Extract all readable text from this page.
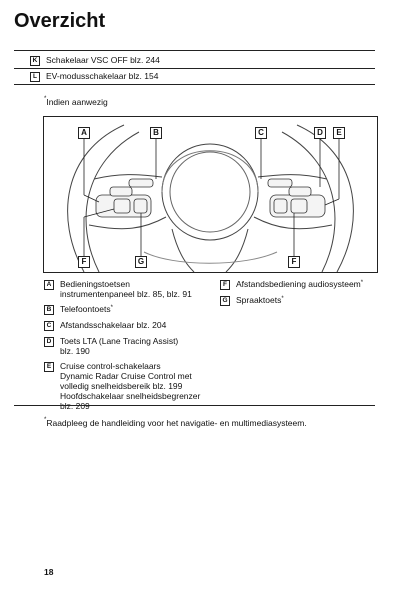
Overzicht
K	Schakelaar VSC OFF blz. 244
L	EV-modusschakelaar blz. 154
*Indien aanwezig
A	B	C	D	E
F	G	F
A	Bedieningstoetsen
instrumentenpaneel blz. 85, blz. 91
B	Telefoontoets*
C	Afstandsschakelaar blz. 204
D	Toets LTA (Lane Tracing Assist)
blz. 190
E	Cruise control-schakelaars
Dynamic Radar Cruise Control met
volledig snelheidsbereik blz. 199
Hoofdschakelaar snelheidsbegrenzer
blz. 209
F	Afstandsbediening audiosysteem*
G Spraaktoets*
*Raadpleeg de handleiding voor het navigatie- en multimediasysteem.
18
